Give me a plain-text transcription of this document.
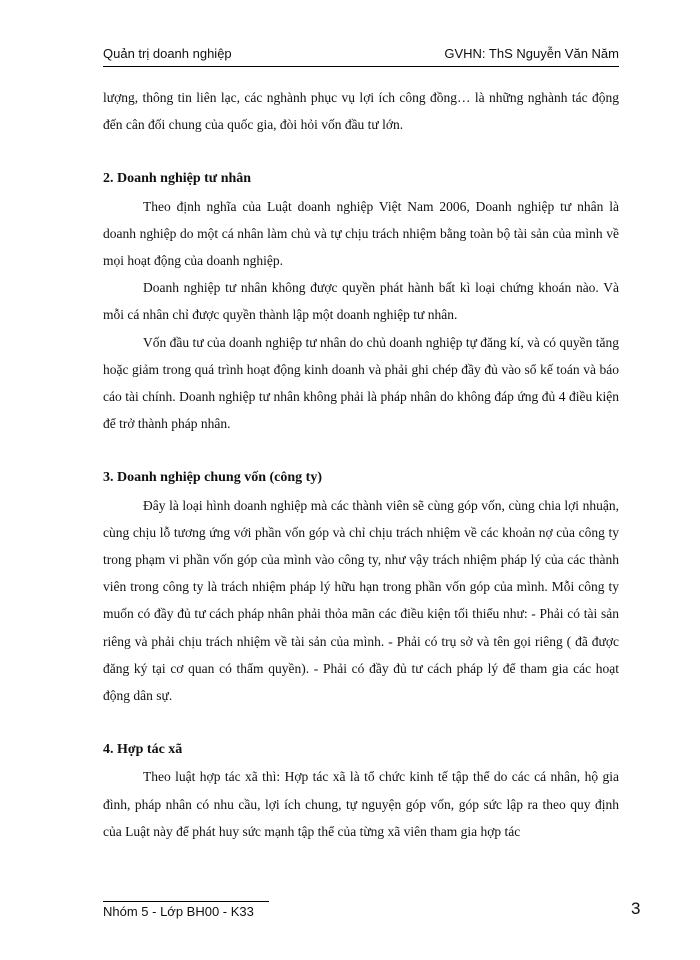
Quản trị doanh nghiệp	GVHN: ThS Nguyễn Văn Năm

lượng, thông tin liên lạc, các nghành phục vụ lợi ích công đồng… là những nghành tác động đến cân đối chung của quốc gia, đòi hỏi vốn đầu tư lớn.

2. Doanh nghiệp tư nhân

Theo định nghĩa của Luật doanh nghiệp Việt Nam 2006, Doanh nghiệp tư nhân là doanh nghiệp do một cá nhân làm chủ và tự chịu trách nhiệm bằng toàn bộ tài sản của mình về mọi hoạt động của doanh nghiệp.

Doanh nghiệp tư nhân không được quyền phát hành bất kì loại chứng khoán nào. Và mỗi cá nhân chỉ được quyền thành lập một doanh nghiệp tư nhân.

Vốn đầu tư của doanh nghiệp tư nhân do chủ doanh nghiệp tự đăng kí, và có quyền tăng hoặc giảm trong quá trình hoạt động kinh doanh và phải ghi chép đầy đủ vào sổ kế toán và báo cáo tài chính. Doanh nghiệp tư nhân không phải là pháp nhân do không đáp ứng đủ 4 điều kiện để trở thành pháp nhân.

3. Doanh nghiệp chung vốn (công ty)

Đây là loại hình doanh nghiệp mà các thành viên sẽ cùng góp vốn, cùng chia lợi nhuận, cùng chịu lỗ tương ứng với phần vốn góp và chỉ chịu trách nhiệm về các khoản nợ của công ty trong phạm vi phần vốn góp của mình vào công ty, như vậy trách nhiệm pháp lý của các thành viên trong công ty là trách nhiệm pháp lý hữu hạn trong phần vốn góp của mình. Mỗi công ty muốn có đầy đủ tư cách pháp nhân phải thỏa mãn các điều kiện tối thiểu như: - Phải có tài sản riêng và phải chịu trách nhiệm về tài sản của mình. - Phải có trụ sở và tên gọi riêng ( đã được đăng ký tại cơ quan có thẩm quyền). - Phải có đầy đủ tư cách pháp lý để tham gia các hoạt động dân sự.

4. Hợp tác xã

Theo luật hợp tác xã thì: Hợp tác xã là tổ chức kinh tế tập thể do các cá nhân, hộ gia đình, pháp nhân có nhu cầu, lợi ích chung, tự nguyện góp vốn, góp sức lập ra theo quy định của Luật này để phát huy sức mạnh tập thể của từng xã viên tham gia hợp tác

Nhóm 5 - Lớp BH00 - K33	3
